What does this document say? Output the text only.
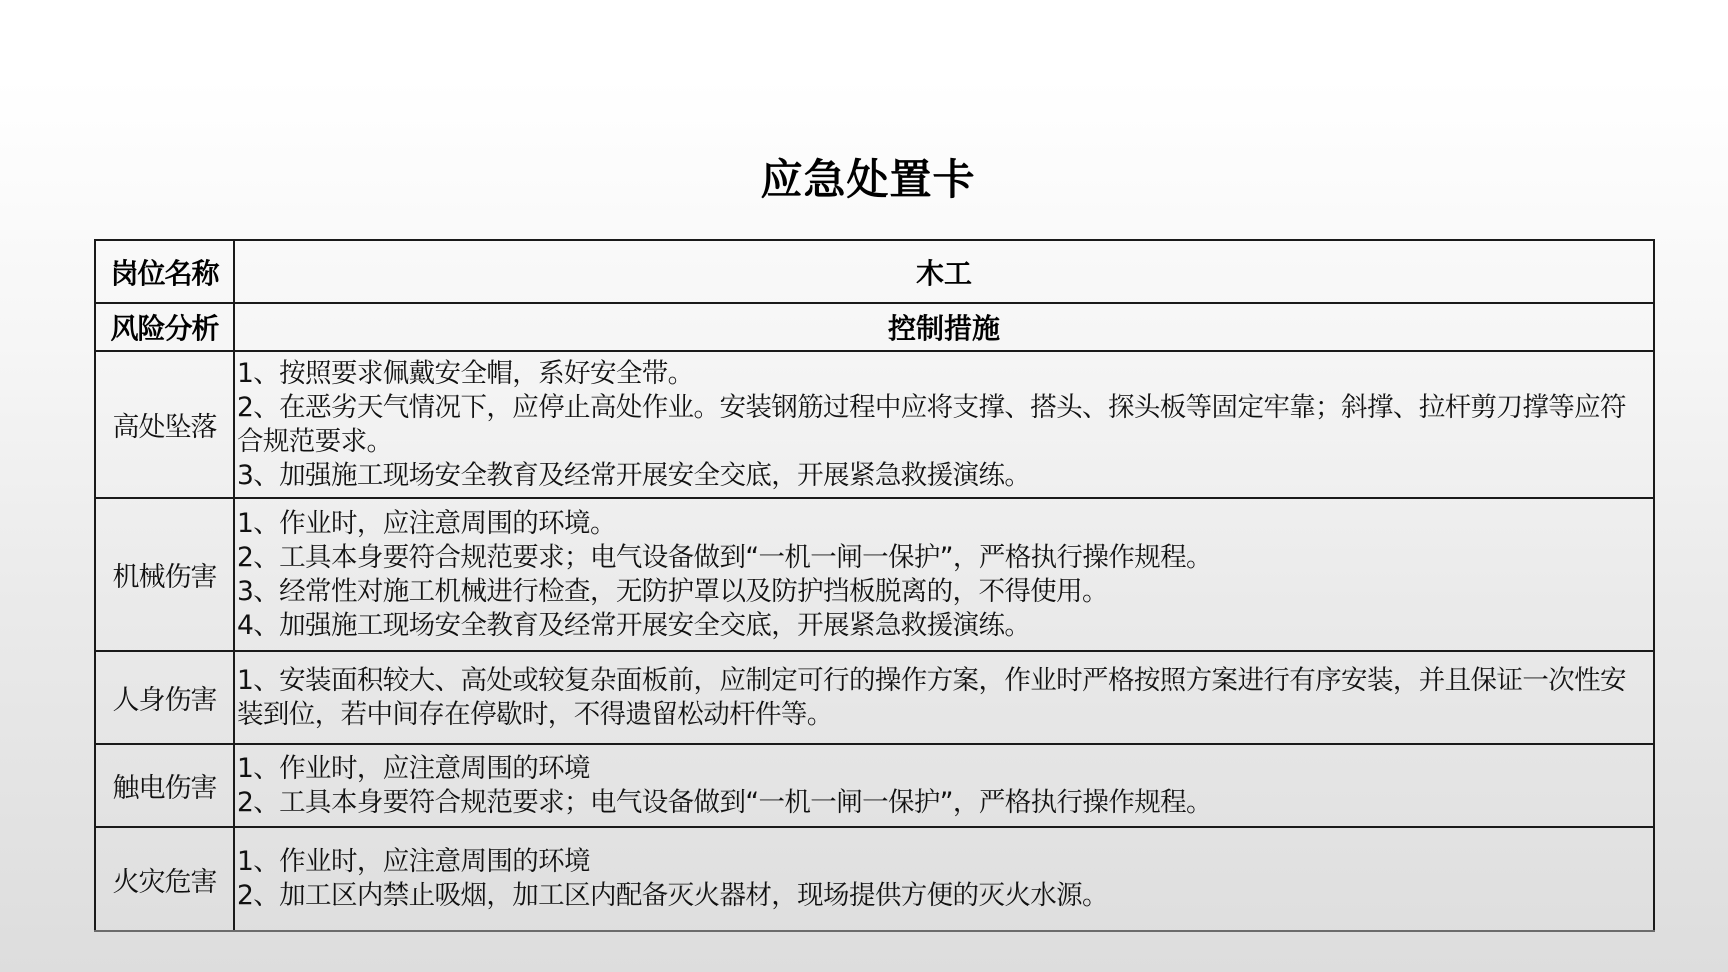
应急处置卡
岗位名称	木工
风险分析	控制措施
高处坠落	1、按照要求佩戴安全帽，系好安全带。
2、在恶劣天气情况下，应停止高处作业。安装钢筋过程中应将支撑、搭头、探头板等固定牢靠；斜撑、拉杆剪刀撑等应符合规范要求。
3、加强施工现场安全教育及经常开展安全交底，开展紧急救援演练。

机械伤害	1、作业时，应注意周围的环境。
2、工具本身要符合规范要求；电气设备做到“一机一闸一保护”，严格执行操作规程。
3、经常性对施工机械进行检查，无防护罩以及防护挡板脱离的，不得使用。
4、加强施工现场安全教育及经常开展安全交底，开展紧急救援演练。

人身伤害	1、安装面积较大、高处或较复杂面板前，应制定可行的操作方案，作业时严格按照方案进行有序安装，并且保证一次性安装到位，若中间存在停歇时，不得遗留松动杆件等。

触电伤害	1、作业时，应注意周围的环境
2、工具本身要符合规范要求；电气设备做到“一机一闸一保护”，严格执行操作规程。

火灾危害	1、作业时，应注意周围的环境
2、加工区内禁止吸烟，加工区内配备灭火器材，现场提供方便的灭火水源。
